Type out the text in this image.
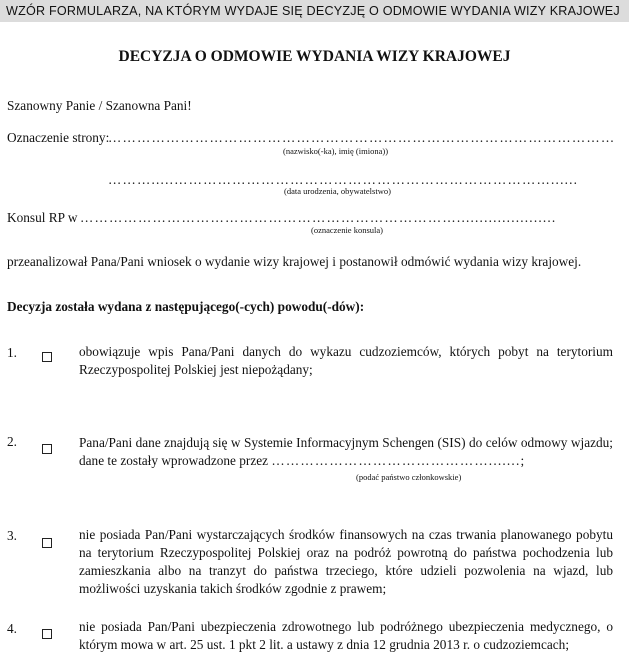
WZÓR FORMULARZA, NA KTÓRYM WYDAJE SIĘ DECYZJĘ O ODMOWIE WYDANIA WIZY KRAJOWEJ
DECYZJA O ODMOWIE WYDANIA WIZY KRAJOWEJ
Szanowny Panie / Szanowna Pani!
Oznaczenie strony:
……………………………………………………………………………………………
(nazwisko(-ka), imię (imiona))
……….....……………………………………………………………………......
(data urodzenia, obywatelstwo)
Konsul RP w ……………………………………………………………………......................
(oznaczenie konsula)
przeanalizował Pana/Pani wniosek o wydanie wizy krajowej i postanowił odmówić wydania wizy krajowej.
Decyzja została wydana z następującego(-cych) powodu(-dów):
1.	obowiązuje wpis Pana/Pani danych do wykazu cudzoziemców, których pobyt na terytorium Rzeczypospolitej Polskiej jest niepożądany;
2.	Pana/Pani dane znajdują się w Systemie Informacyjnym Schengen (SIS) do celów odmowy wjazdu; dane te zostały wprowadzone przez ……………………………………….......;
(podać państwo członkowskie)
3.	nie posiada Pan/Pani wystarczających środków finansowych na czas trwania planowanego pobytu na terytorium Rzeczypospolitej Polskiej oraz na podróż powrotną do państwa pochodzenia lub zamieszkania albo na tranzyt do państwa trzeciego, które udzieli pozwolenia na wjazd, lub możliwości uzyskania takich środków zgodnie z prawem;
4.	nie posiada Pan/Pani ubezpieczenia zdrowotnego lub podróżnego ubezpieczenia medycznego, o którym mowa w art. 25 ust. 1 pkt 2 lit. a ustawy z dnia 12 grudnia 2013 r. o cudzoziemcach;
